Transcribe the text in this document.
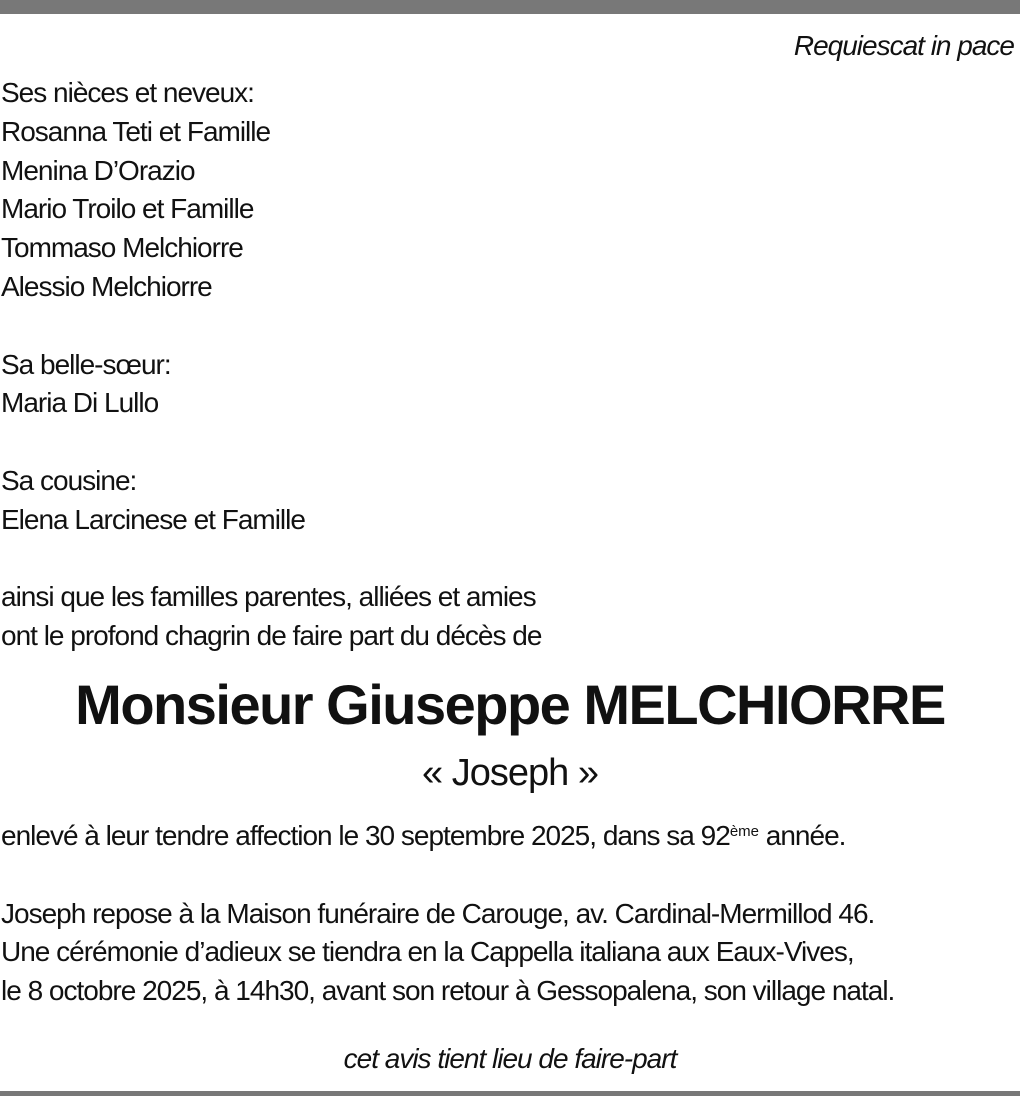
Requiescat in pace
Ses nièces et neveux:
Rosanna Teti et Famille
Menina D’Orazio
Mario Troilo et Famille
Tommaso Melchiorre
Alessio Melchiorre
Sa belle-sœur:
Maria Di Lullo
Sa cousine:
Elena Larcinese et Famille
ainsi que les familles parentes, alliées et amies
ont le profond chagrin de faire part du décès de
Monsieur Giuseppe MELCHIORRE
« Joseph »
enlevé à leur tendre affection le 30 septembre 2025, dans sa 92ème année.
Joseph repose à la Maison funéraire de Carouge, av. Cardinal-Mermillod 46.
Une cérémonie d’adieux se tiendra en la Cappella italiana aux Eaux-Vives,
le 8 octobre 2025, à 14h30, avant son retour à Gessopalena, son village natal.
cet avis tient lieu de faire-part
